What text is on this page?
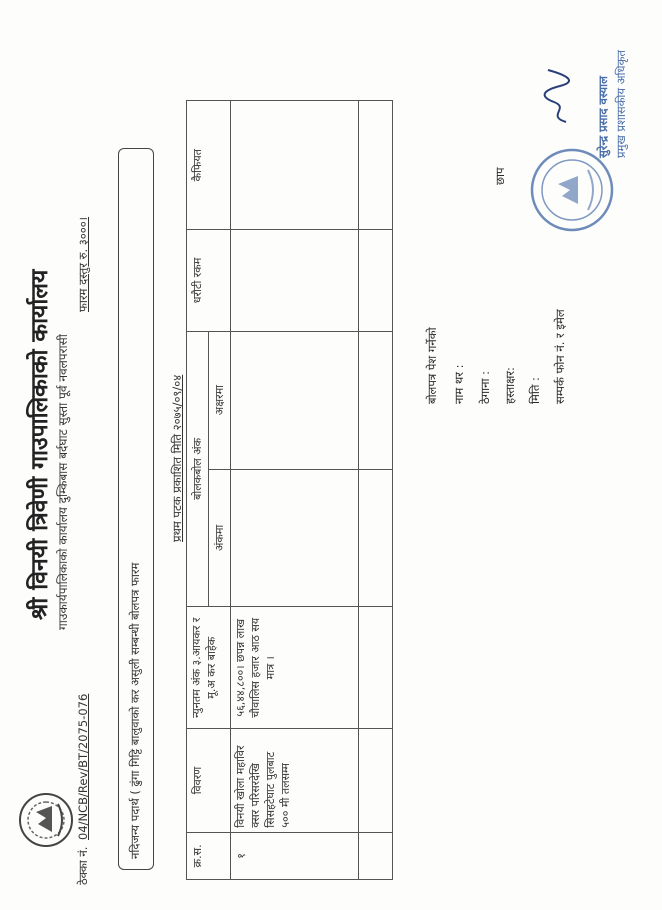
श्री विनयी त्रिवेणी गाउपालिकाको कार्यालय गाउकार्यपालिकाको कार्यालय दुम्किबास बर्दघाट सुस्ता पूर्व नवलपरासी
ठेक्का नं.
04/NCB/Rev/BT/2075-076
फारम दस्तुर रु. ३०००।
नदिजन्य पदार्थ ( ढुंगा गिट्टि बालुवाको कर असुली सम्बन्धी बोलपत्र फारम
प्रथम पटक प्रकाशित मिति २०७५/०९/०४
क्र.स.	विवरण	न्युनतम अंक ३.आयकर र मू.अ कर बाहेक	बोलकबोल अंक		धरौटी रकम	कैफियत
			अंकमा	अक्षरमा		
१	विनयी खोला महाविर क्सर परिसरदेखि सिसहटेघाट पुलबाट ५०० मी तलसम्म	५६,४४,८००। छपन्न लाख चौवालिस हजार आठ सय मात्र ।				

बोलपत्र पेश गर्नेको नाम थर : ठेगाना : हस्ताक्षर: मिति : सम्पर्क फोन नं. र इमेल
छाप
सुरेन्द्र प्रसाद वस्याल प्रमुख प्रशासकीय अधिकृत
